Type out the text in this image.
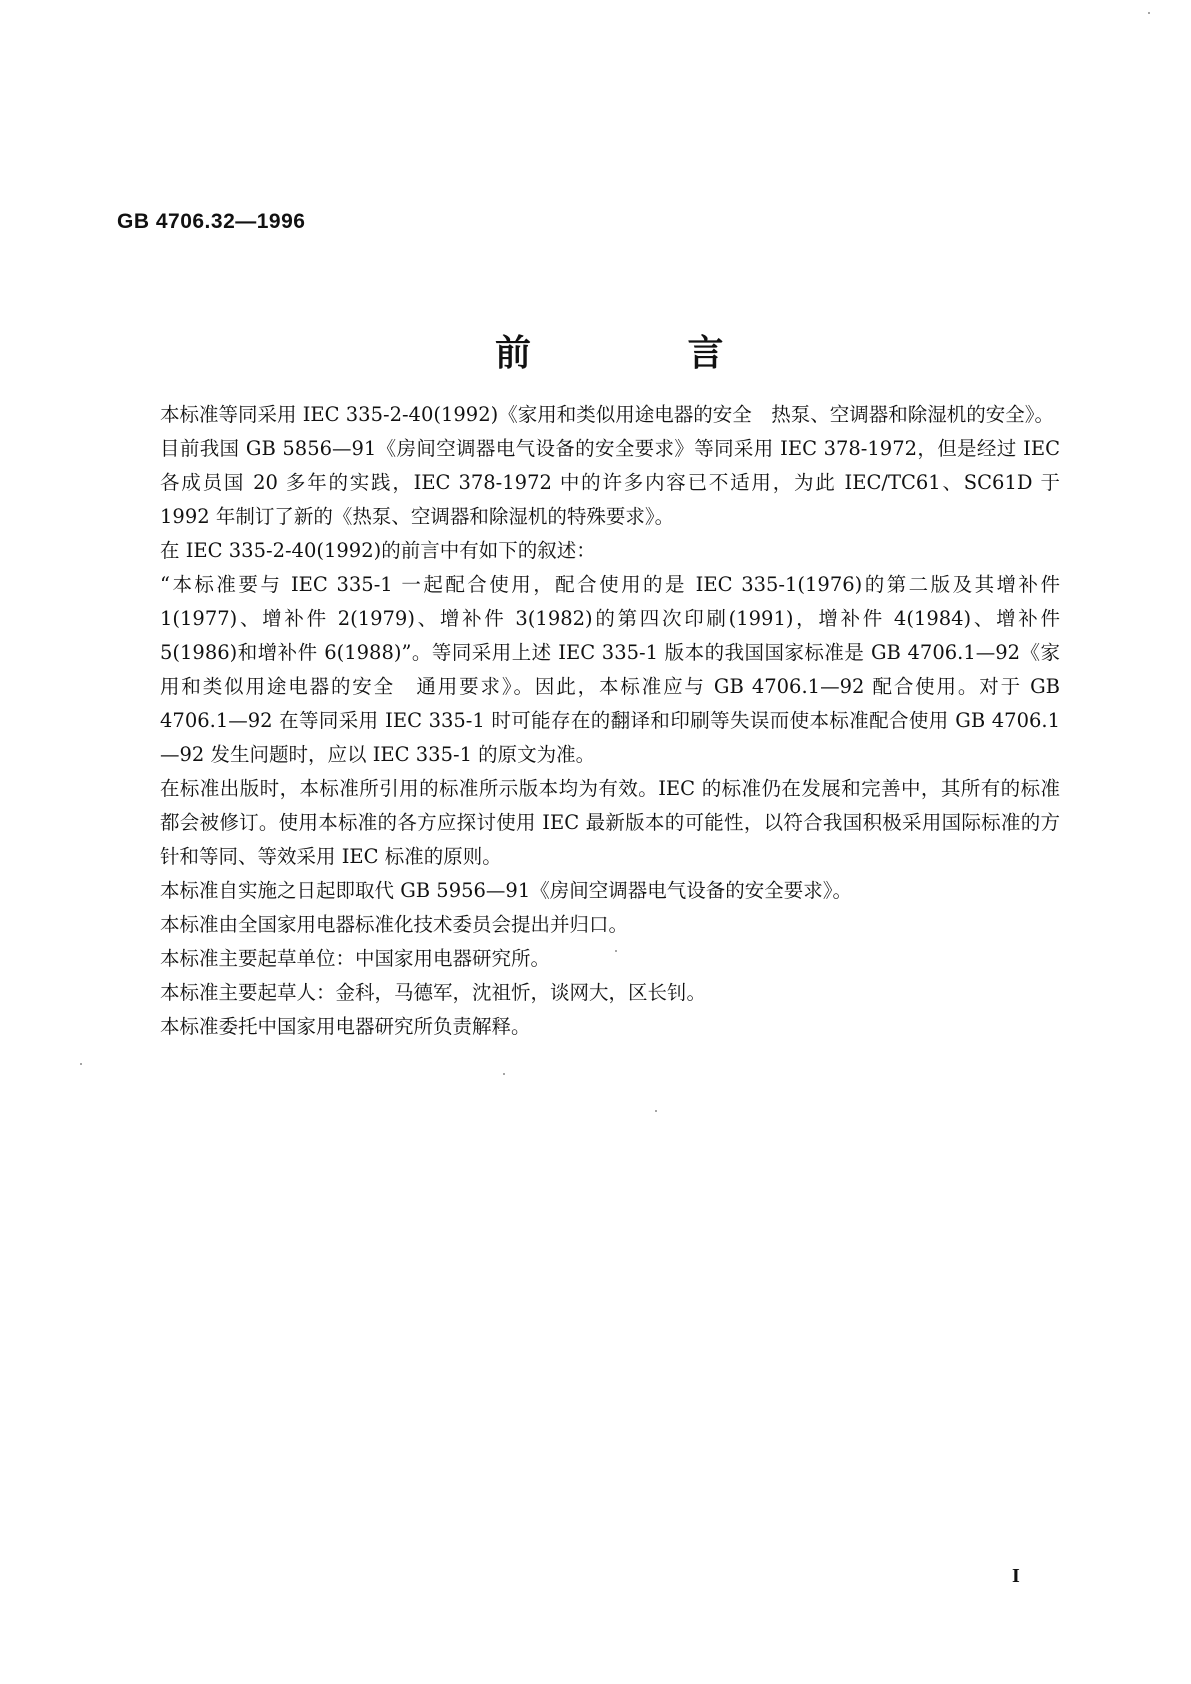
GB 4706.32—1996
前 言

本标准等同采用 IEC 335-2-40(1992)《家用和类似用途电器的安全　热泵、空调器和除湿机的安全》。

目前我国 GB 5856—91《房间空调器电气设备的安全要求》等同采用 IEC 378-1972，但是经过 IEC 各成员国 20 多年的实践，IEC 378-1972 中的许多内容已不适用，为此 IEC/TC61、SC61D 于 1992 年制订了新的《热泵、空调器和除湿机的特殊要求》。

在 IEC 335-2-40(1992)的前言中有如下的叙述：

“本标准要与 IEC 335-1 一起配合使用，配合使用的是 IEC 335-1(1976)的第二版及其增补件 1(1977)、增补件 2(1979)、增补件 3(1982)的第四次印刷(1991)，增补件 4(1984)、增补件 5(1986)和增补件 6(1988)”。等同采用上述 IEC 335-1 版本的我国国家标准是 GB 4706.1—92《家用和类似用途电器的安全　通用要求》。因此，本标准应与 GB 4706.1—92 配合使用。对于 GB 4706.1—92 在等同采用 IEC 335-1 时可能存在的翻译和印刷等失误而使本标准配合使用 GB 4706.1—92 发生问题时，应以 IEC 335-1 的原文为准。

在标准出版时，本标准所引用的标准所示版本均为有效。IEC 的标准仍在发展和完善中，其所有的标准都会被修订。使用本标准的各方应探讨使用 IEC 最新版本的可能性，以符合我国积极采用国际标准的方针和等同、等效采用 IEC 标准的原则。

本标准自实施之日起即取代 GB 5956—91《房间空调器电气设备的安全要求》。

本标准由全国家用电器标准化技术委员会提出并归口。

本标准主要起草单位：中国家用电器研究所。

本标准主要起草人：金科，马德军，沈祖忻，谈网大，区长钊。

本标准委托中国家用电器研究所负责解释。

I
